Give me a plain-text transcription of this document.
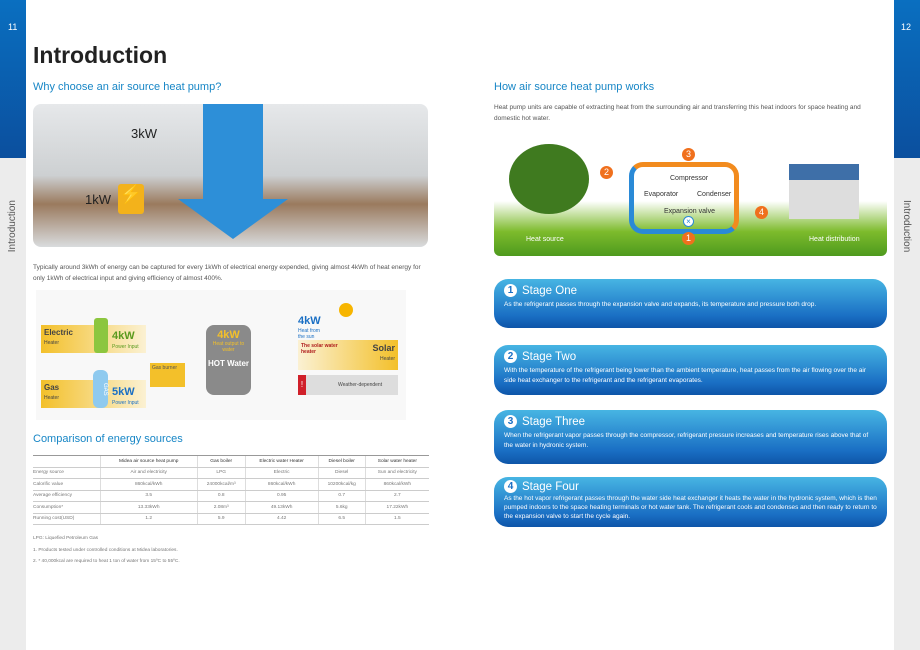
11
Introduction
12
Introduction
Introduction
Why choose an air source heat pump?
3kW
1kW ⚡
Typically around 3kWh of energy can be captured for every 1kWh of electrical energy expended, giving almost 4kWh of heat energy for only 1kWh of electrical input and giving efficiency of almost 400%.
Electric
Heater
4kW
Power Input
Gas
Heater
GAS 5kW
Power Input
Gas burner
4kW
Heat output to water
HOT Water
4kW
Heat from the sun
Solar
Heater
The solar water heater
Weather-dependent
!
Comparison of energy sources
	Midea air source heat pump	Gas boiler	Electric water Heater	Diesel boiler	Solar water heater
Energy source	Air and electricity	LPG	Electric	Diesel	Sun and electricity
Calorific value	860kcal/kWh	24000kcal/m³	860kcal/kWh	10200kcal/kg	860kcal/kWh
Average efficiency	3.5	0.8	0.95	0.7	2.7
Consumption*	13.33kWh	2.08m³	49.13kWh	5.6kg	17.22kWh
Running cost(USD)	1.2	5.9	4.42	6.5	1.5
LPG: Liquefied Petroleum Gas
1. Products tested under controlled conditions at Midea laboratories.
2. * 40,000kcal are required to heat 1 ton of water from 15ºC to 55ºC.
How air source heat pump works
Heat pump units are capable of extracting heat from the surrounding air and transferring this heat indoors for space heating and domestic hot water.
3
2
4
1
×
Compressor
Evaporator	Condenser
Expansion valve
Heat source	Heat distribution
1 Stage One
As the refrigerant passes through the expansion valve and expands, its temperature and pressure both drop.
2 Stage Two
With the temperature of the refrigerant being lower than the ambient temperature, heat passes from the air flowing over the air side heat exchanger to the refrigerant and the refrigerant evaporates.
3 Stage Three
When the refrigerant vapor passes through the compressor, refrigerant pressure increases and temperature rises above that of the water in hydronic system.
4 Stage Four
As the hot vapor refrigerant passes through the water side heat exchanger it heats the water in the hydronic system, which is then pumped indoors to the space heating terminals or hot water tank. The refrigerant cools and condenses and then ready to return to the expansion valve to start the cycle again.
